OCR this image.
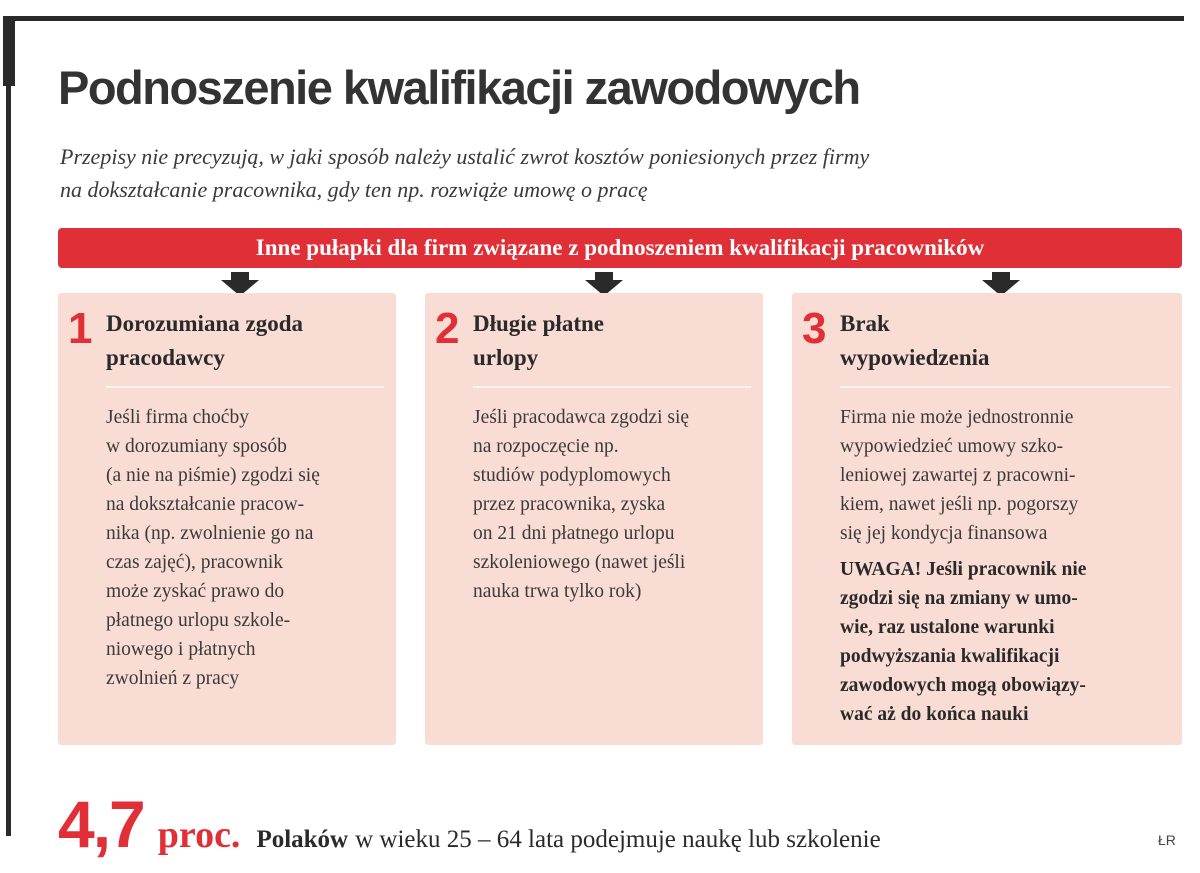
Podnoszenie kwalifikacji zawodowych
Przepisy nie precyzują, w jaki sposób należy ustalić zwrot kosztów poniesionych przez firmy
na dokształcanie pracownika, gdy ten np. rozwiąże umowę o pracę
Inne pułapki dla firm związane z podnoszeniem kwalifikacji pracowników
1 Dorozumiana zgoda
pracodawcy
Jeśli firma choćby
w dorozumiany sposób
(a nie na piśmie) zgodzi się
na dokształcanie pracow-
nika (np. zwolnienie go na
czas zajęć), pracownik
może zyskać prawo do
płatnego urlopu szkole-
niowego i płatnych
zwolnień z pracy
2 Długie płatne
urlopy
Jeśli pracodawca zgodzi się
na rozpoczęcie np.
studiów podyplomowych
przez pracownika, zyska
on 21 dni płatnego urlopu
szkoleniowego (nawet jeśli
nauka trwa tylko rok)
3 Brak
wypowiedzenia
Firma nie może jednostronnie
wypowiedzieć umowy szko-
leniowej zawartej z pracowni-
kiem, nawet jeśli np. pogorszy
się jej kondycja finansowa
UWAGA! Jeśli pracownik nie
zgodzi się na zmiany w umo-
wie, raz ustalone warunki
podwyższania kwalifikacji
zawodowych mogą obowiązy-
wać aż do końca nauki
4,7 proc. Polaków w wieku 25 – 64 lata podejmuje naukę lub szkolenie	ŁR
